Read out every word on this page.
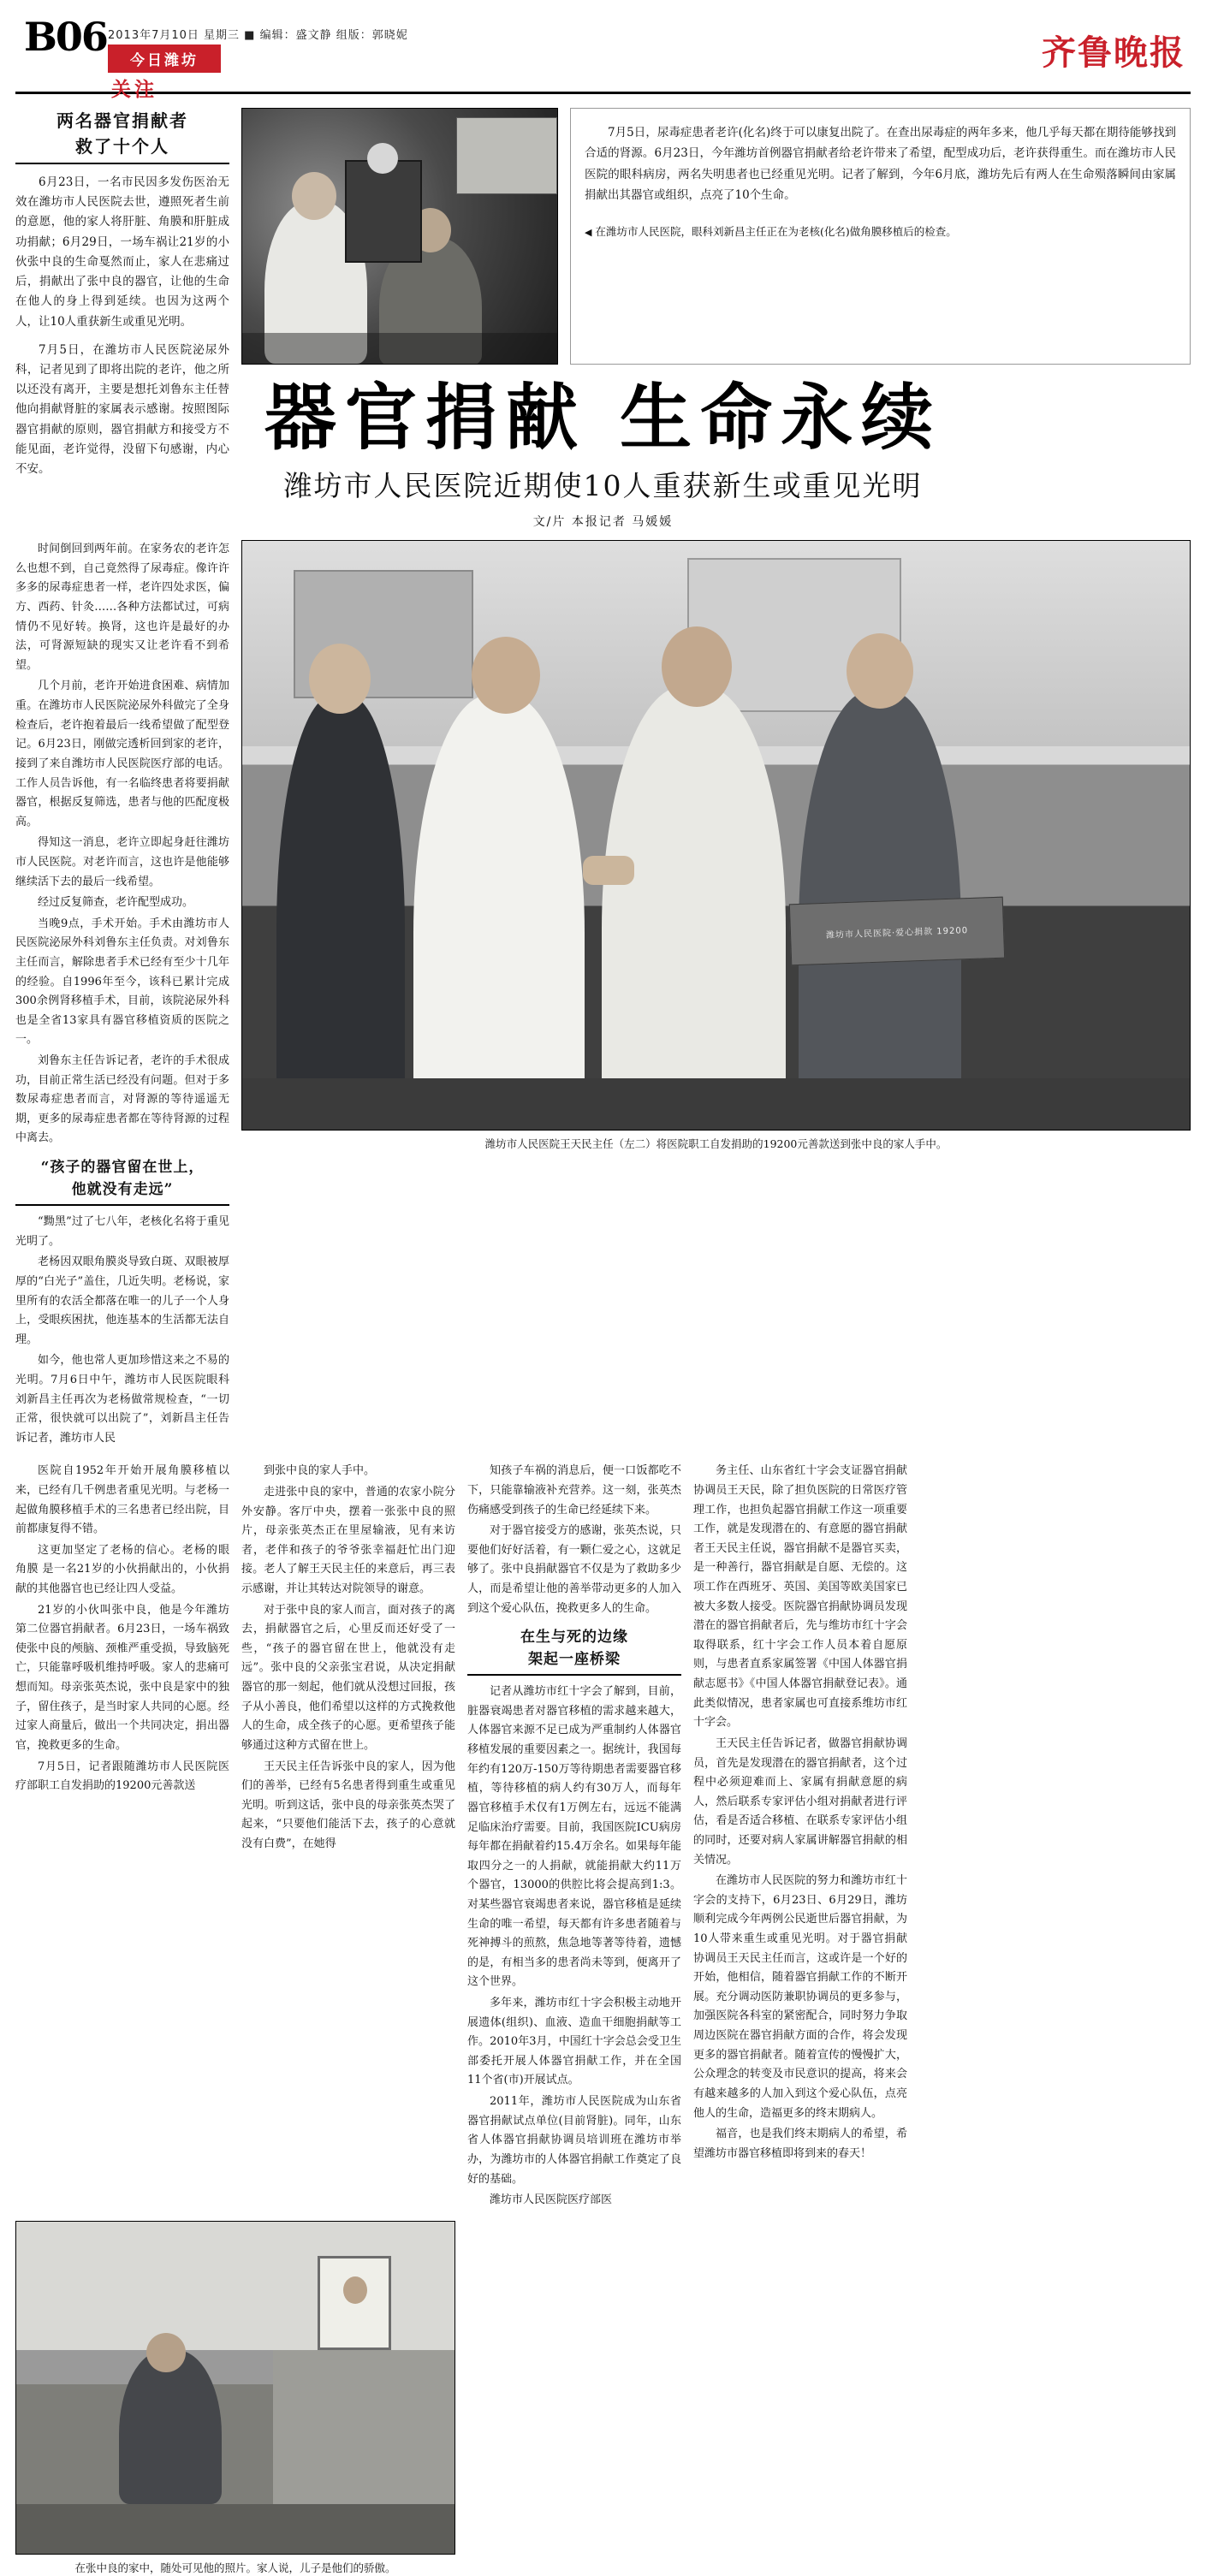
B06 2013年7月10日 星期三 ■ 编辑：盛文静 组版：郭晓妮
今日潍坊
关注
齐鲁晚报
两名器官捐献者
救了十个人
6月23日，一名市民因多发伤医治无效在潍坊市人民医院去世，遵照死者生前的意愿，他的家人将肝脏、角膜和肝脏成功捐献；6月29日，一场车祸让21岁的小伙张中良的生命戛然而止，家人在悲痛过后，捐献出了张中良的器官，让他的生命在他人的身上得到延续。也因为这两个人，让10人重获新生或重见光明。
7月5日，在潍坊市人民医院泌尿外科，记者见到了即将出院的老许，他之所以还没有离开，主要是想托刘鲁东主任替他向捐献肾脏的家属表示感谢。按照图际器官捐献的原则，器官捐献方和接受方不能见面，老许觉得，没留下句感谢，内心不安。

7月5日，尿毒症患者老许(化名)终于可以康复出院了。在查出尿毒症的两年多来，他几乎每天都在期待能够找到合适的肾源。6月23日，今年潍坊首例器官捐献者给老许带来了希望，配型成功后，老许获得重生。而在潍坊市人民医院的眼科病房，两名失明患者也已经重见光明。记者了解到，今年6月底，潍坊先后有两人在生命殒落瞬间由家属捐献出其器官或组织，点亮了10个生命。

◀ 在潍坊市人民医院，眼科刘新昌主任正在为老核(化名)做角膜移植后的检查。
器官捐献 生命永续
潍坊市人民医院近期使10人重获新生或重见光明
文/片 本报记者 马媛媛

时间倒回到两年前。在家务农的老许怎么也想不到，自己竟然得了尿毒症。像许许多多的尿毒症患者一样，老许四处求医，偏方、西药、针灸……各种方法都试过，可病情仍不见好转。换肾，这也许是最好的办法，可肾源短缺的现实又让老许看不到希望。

几个月前，老许开始进食困难、病情加重。在潍坊市人民医院泌尿外科做完了全身检查后，老许抱着最后一线希望做了配型登记。6月23日，刚做完透析回到家的老许，接到了来自潍坊市人民医院医疗部的电话。工作人员告诉他，有一名临终患者将要捐献器官，根据反复筛选，患者与他的匹配度极高。

得知这一消息，老许立即起身赶往潍坊市人民医院。对老许而言，这也许是他能够继续活下去的最后一线希望。

经过反复筛查，老许配型成功。

当晚9点，手术开始。手术由潍坊市人民医院泌尿外科刘鲁东主任负责。对刘鲁东主任而言，解除患者手术已经有至少十几年的经验。自1996年至今，该科已累计完成300余例肾移植手术，目前，该院泌尿外科也是全省13家具有器官移植资质的医院之一。

刘鲁东主任告诉记者，老许的手术很成功，目前正常生活已经没有问题。但对于多数尿毒症患者而言，对肾源的等待遥遥无期，更多的尿毒症患者都在等待肾源的过程中离去。

“孩子的器官留在世上，
他就没有走远”

“黝黑”过了七八年，老核化名将于重见光明了。

老杨因双眼角膜炎导致白斑、双眼被厚厚的“白光子”盖住，几近失明。老杨说，家里所有的农活全都落在唯一的儿子一个人身上，受眼疾困扰，他连基本的生活都无法自理。

如今，他也常人更加珍惜这来之不易的光明。7月6日中午，潍坊市人民医院眼科刘新昌主任再次为老杨做常规检查，“一切正常，很快就可以出院了”，刘新昌主任告诉记者，潍坊市人民

潍坊市人民医院·爱心捐款 19200
潍坊市人民医院王天民主任（左二）将医院职工自发捐助的19200元善款送到张中良的家人手中。

医院自1952年开始开展角膜移植以来，已经有几千例患者重见光明。与老杨一起做角膜移植手术的三名患者已经出院，目前都康复得不错。

这更加坚定了老杨的信心。老杨的眼 角膜 是一名21岁的小伙捐献出的，小伙捐献的其他器官也已经让四人受益。

21岁的小伙叫张中良，他是今年潍坊第二位器官捐献者。6月23日，一场车祸致使张中良的颅脑、颈椎严重受损，导致脑死亡，只能靠呼吸机维持呼吸。家人的悲痛可想而知。母亲张英杰说，张中良是家中的独子，留住孩子，是当时家人共同的心愿。经过家人商量后，做出一个共同决定，捐出器官，挽救更多的生命。

7月5日，记者跟随潍坊市人民医院医疗部职工自发捐助的19200元善款送

到张中良的家人手中。

走进张中良的家中，普通的农家小院分外安静。客厅中央，摆着一张张中良的照片，母亲张英杰正在里屋输液，见有来访者，老伴和孩子的爷爷张幸福赶忙出门迎接。老人了解王天民主任的来意后，再三表示感谢，并让其转达对院领导的谢意。

对于张中良的家人而言，面对孩子的离去，捐献器官之后，心里反而还好受了一些，“孩子的器官留在世上，他就没有走远”。张中良的父亲张宝君说，从决定捐献器官的那一刻起，他们就从没想过回报，孩子从小善良，他们希望以这样的方式挽救他人的生命，成全孩子的心愿。更希望孩子能够通过这种方式留在世上。

王天民主任告诉张中良的家人，因为他们的善举，已经有5名患者得到重生或重见光明。听到这话，张中良的母亲张英杰哭了起来，“只要他们能活下去，孩子的心意就没有白费”，在她得

知孩子车祸的消息后，便一口饭都吃不下，只能靠输液补充营养。这一刻，张英杰伤痛感受到孩子的生命已经延续下来。

对于器官接受方的感谢，张英杰说，只要他们好好活着，有一颗仁爱之心，这就足够了。张中良捐献器官不仅是为了救助多少人，而是希望让他的善举带动更多的人加入到这个爱心队伍，挽救更多人的生命。

在生与死的边缘
架起一座桥梁

记者从潍坊市红十字会了解到，目前，脏器衰竭患者对器官移植的需求越来越大，人体器官来源不足已成为严重制约人体器官移植发展的重要因素之一。据统计，我国每年约有120万-150万等待期患者需要器官移植，等待移植的病人约有30万人，而每年器官移植手术仅有1万例左右，远远不能满足临床治疗需要。目前，我国医院ICU病房每年都在捐献着约15.4万余名。如果每年能取四分之一的人捐献，就能捐献大约11万个器官，13000的供腔比将会提高到1:3。对某些器官衰竭患者来说，器官移植是延续生命的唯一希望，每天都有许多患者随着与死神搏斗的煎熬，焦急地等著等待着，遗憾的是，有相当多的患者尚未等到，便离开了这个世界。

多年来，潍坊市红十字会积极主动地开展遗体(组织)、血液、造血干细胞捐献等工作。2010年3月，中国红十字会总会受卫生部委托开展人体器官捐献工作，并在全国11个省(市)开展试点。

2011年，潍坊市人民医院成为山东省器官捐献试点单位(目前肾脏)。同年，山东省人体器官捐献协调员培训班在潍坊市举办，为潍坊市的人体器官捐献工作奠定了良好的基础。

潍坊市人民医院医疗部医

务主任、山东省红十字会支证器官捐献协调员王天民，除了担负医院的日常医疗管理工作，也担负起器官捐献工作这一项重要工作，就是发现潜在的、有意愿的器官捐献者王天民主任说，器官捐献不是器官买卖，是一种善行，器官捐献是自愿、无偿的。这项工作在西班牙、英国、美国等欧美国家已被大多数人接受。医院器官捐献协调员发现潜在的器官捐献者后，先与维坊市红十字会取得联系，红十字会工作人员本着自愿原则，与患者直系家属签署《中国人体器官捐献志愿书》《中国人体器官捐献登记表》。通此类似情况，患者家属也可直接系维坊市红十字会。

王天民主任告诉记者，做器官捐献协调员，首先是发现潜在的器官捐献者，这个过程中必须迎难而上、家属有捐献意愿的病人，然后联系专家评估小组对捐献者进行评估，看是否适合移植、在联系专家评估小组的同时，还要对病人家属讲解器官捐献的相关情况。

在潍坊市人民医院的努力和潍坊市红十字会的支持下，6月23日、6月29日，潍坊顺利完成今年两例公民逝世后器官捐献，为10人带来重生或重见光明。对于器官捐献协调员王天民主任而言，这或许是一个好的开始，他相信，随着器官捐献工作的不断开展。充分调动医防兼职协调员的更多参与，加强医院各科室的紧密配合，同时努力争取周边医院在器官捐献方面的合作，将会发现更多的器官捐献者。随着宣传的慢慢扩大，公众理念的转变及市民意识的提高，将来会有越来越多的人加入到这个爱心队伍，点亮他人的生命，造福更多的终末期病人。

福音，也是我们终末期病人的希望，希望潍坊市器官移植即将到来的春天！

在张中良的家中，随处可见他的照片。家人说，儿子是他们的骄傲。
